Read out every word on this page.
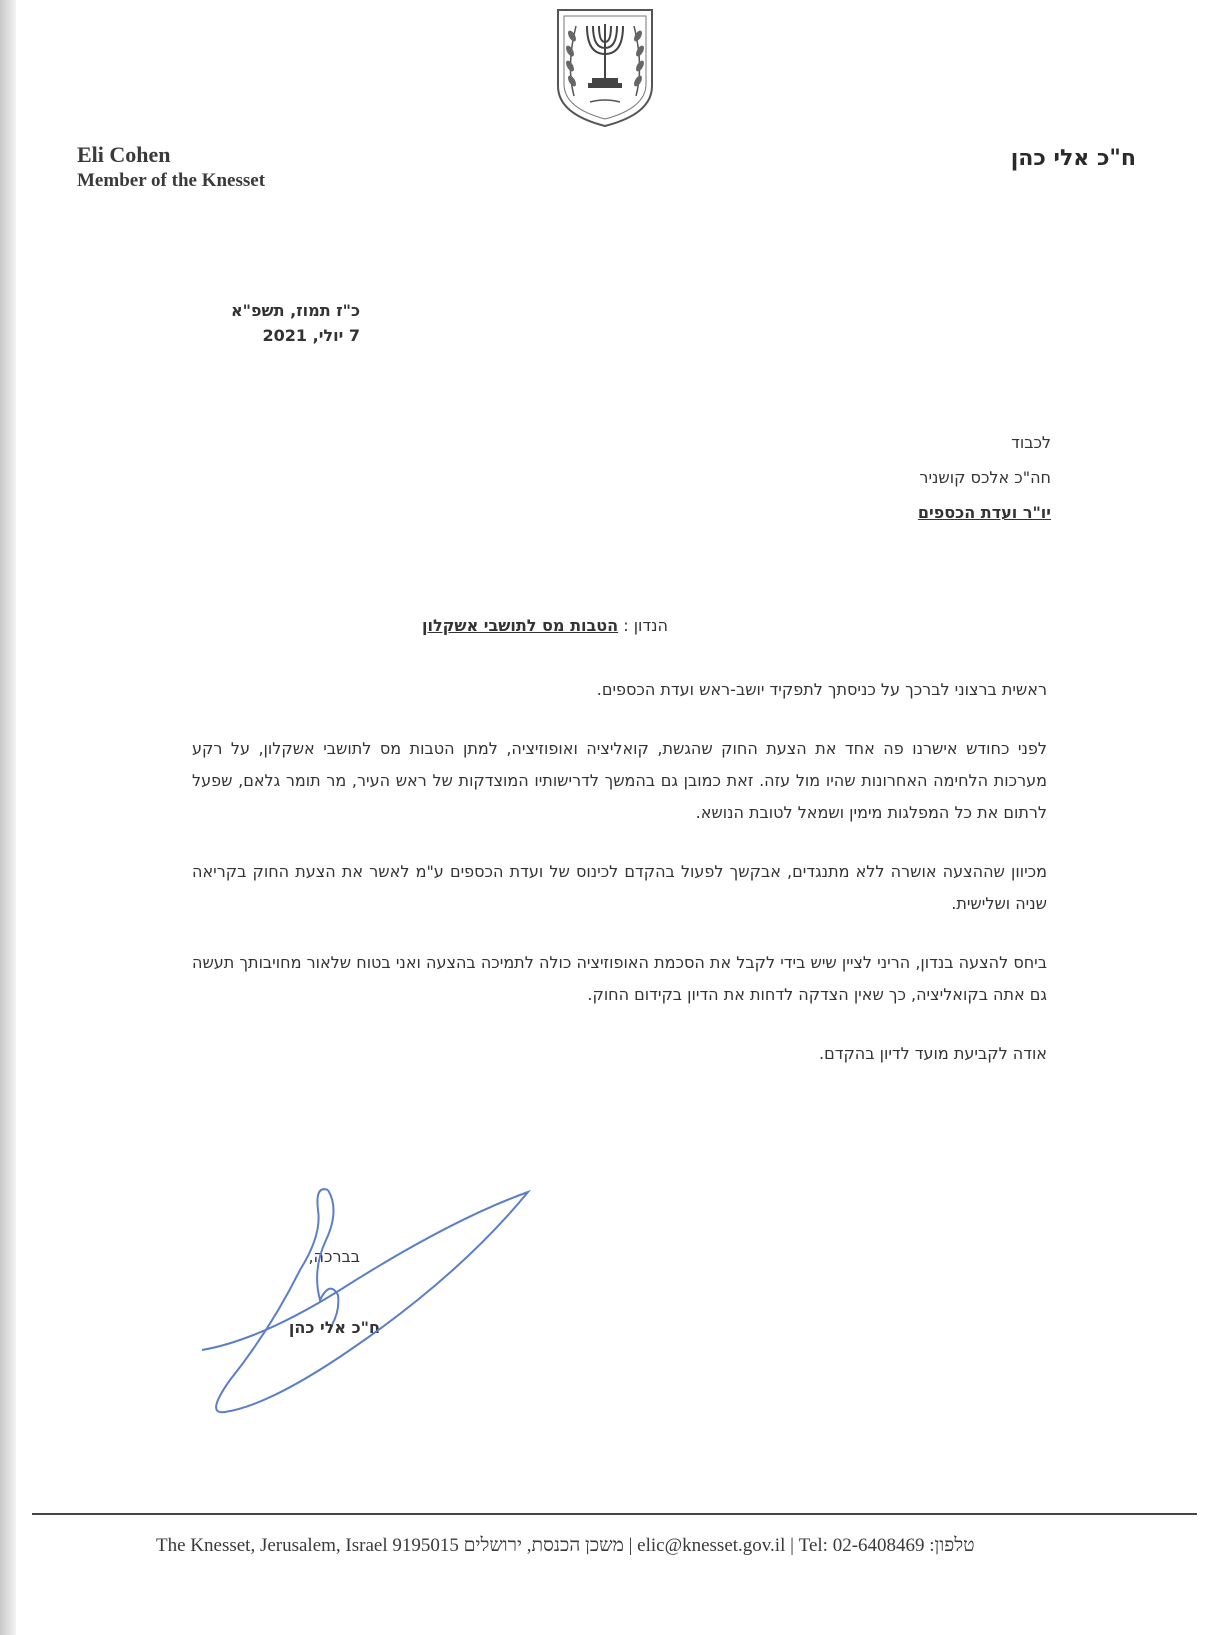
Eli Cohen
Member of the Knesset
ח"כ אלי כהן
כ"ז תמוז, תשפ"א
7 יולי, 2021
לכבוד
חה"כ אלכס קושניר
יו"ר ועדת הכספים
הנדון : הטבות מס לתושבי אשקלון

ראשית ברצוני לברכך על כניסתך לתפקיד יושב-ראש ועדת הכספים.

לפני כחודש אישרנו פה אחד את הצעת החוק שהגשת, קואליציה ואופוזיציה, למתן הטבות מס לתושבי אשקלון, על רקע מערכות הלחימה האחרונות שהיו מול עזה. זאת כמובן גם בהמשך לדרישותיו המוצדקות של ראש העיר, מר תומר גלאם, שפעל לרתום את כל המפלגות מימין ושמאל לטובת הנושא.

מכיוון שההצעה אושרה ללא מתנגדים, אבקשך לפעול בהקדם לכינוס של ועדת הכספים ע"מ לאשר את הצעת החוק בקריאה שניה ושלישית.

ביחס להצעה בנדון, הריני לציין שיש בידי לקבל את הסכמת האופוזיציה כולה לתמיכה בהצעה ואני בטוח שלאור מחויבותך תעשה גם אתה בקואליציה, כך שאין הצדקה לדחות את הדיון בקידום החוק.

אודה לקביעת מועד לדיון בהקדם.

בברכה,
ח"כ אלי כהן
The Knesset, Jerusalem, Israel 9195015 משכן הכנסת, ירושלים | elic@knesset.gov.il | Tel: 02-6408469 טלפון:
